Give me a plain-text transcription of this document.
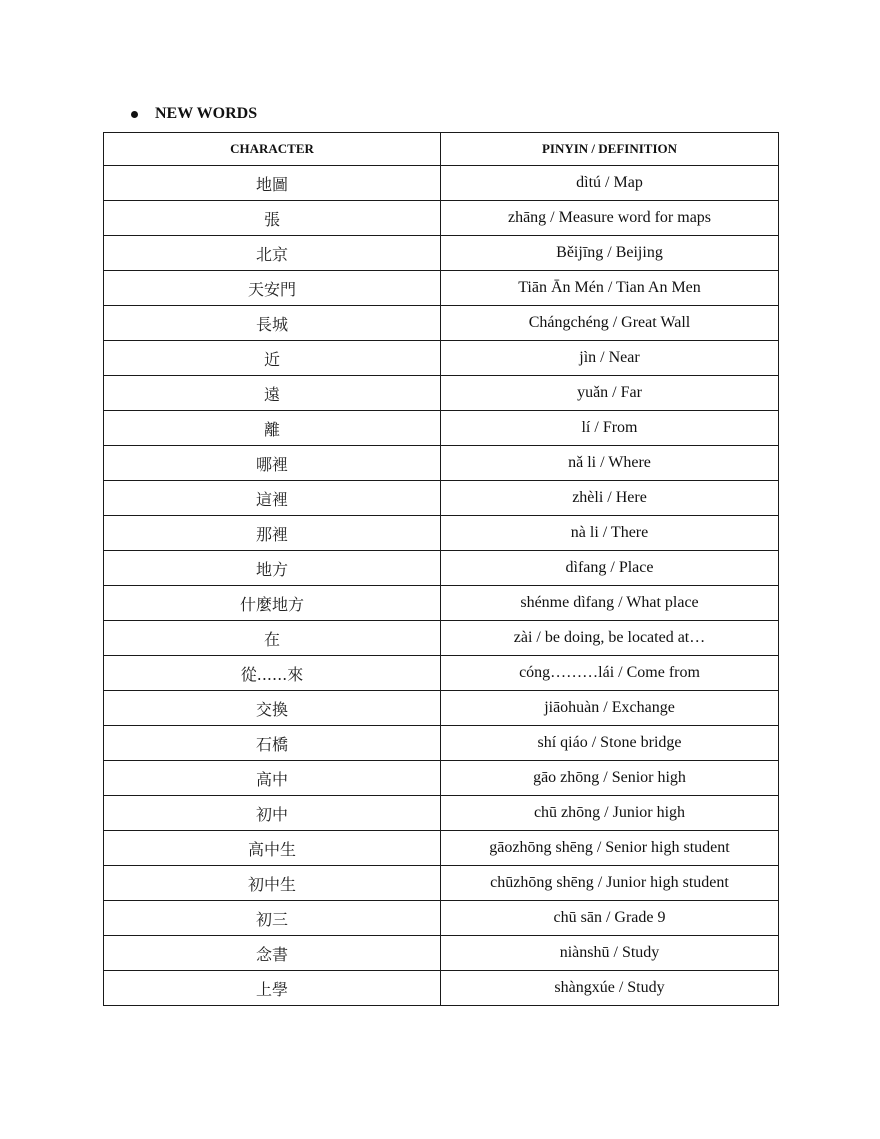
NEW WORDS
CHARACTER	PINYIN / DEFINITION
地圖	dìtú / Map
張	zhāng / Measure word for maps
北京	Běijīng / Beijing
天安門	Tiān Ān Mén / Tian An Men
長城	Chángchéng / Great Wall
近	jìn / Near
遠	yuǎn / Far
離	lí / From
哪裡	nǎ li / Where
這裡	zhèli / Here
那裡	nà li / There
地方	dìfang / Place
什麼地方	shénme dìfang / What place
在	zài / be doing, be located at…
從......來	cóng………lái / Come from
交換	jiāohuàn / Exchange
石橋	shí qiáo / Stone bridge
高中	gāo zhōng / Senior high
初中	chū zhōng / Junior high
高中生	gāozhōng shēng / Senior high student
初中生	chūzhōng shēng / Junior high student
初三	chū sān / Grade 9
念書	niànshū / Study
上學	shàngxúe / Study
